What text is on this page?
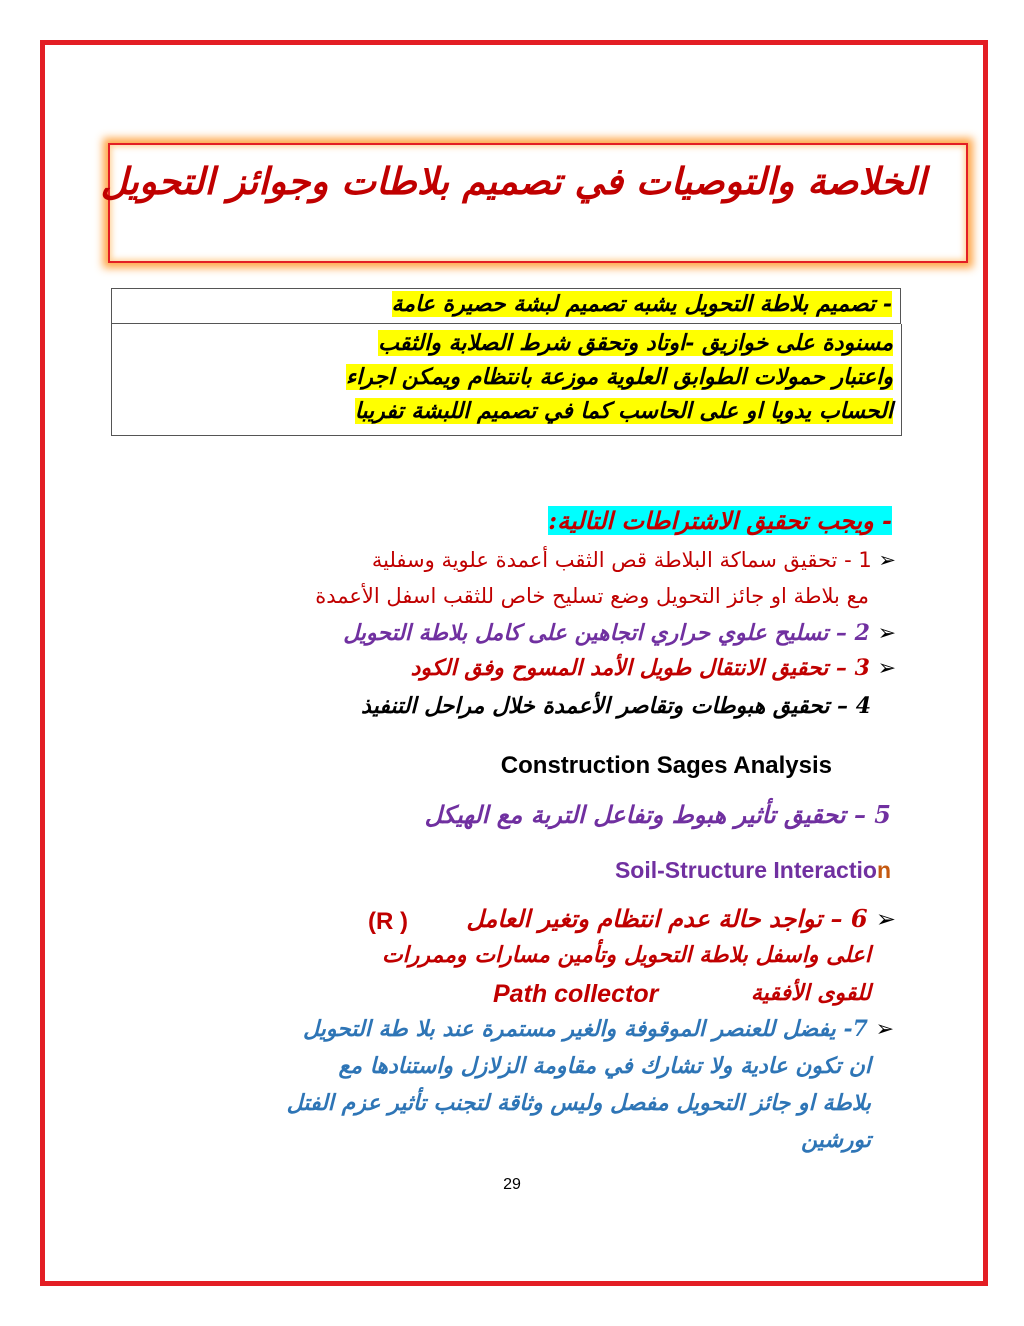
الخلاصة والتوصيات في تصميم بلاطات وجوائز التحويل
- تصميم بلاطة التحويل يشبه تصميم لبشة حصيرة عامة
مسنودة على خوازيق -اوتاد وتحقق شرط الصلابة والثقب
واعتبار حمولات الطوابق العلوية موزعة بانتظام ويمكن اجراء
الحساب يدويا او على الحاسب كما في تصميم اللبشة تفريبا
- ويجب تحقيق الاشتراطات التالية:
➢ 1 - تحقيق سماكة البلاطة قص الثقب أعمدة علوية وسفلية
مع بلاطة او جائز التحويل وضع تسليح خاص للثقب اسفل الأعمدة
➢ 2 – تسليح علوي حراري اتجاهين على كامل بلاطة التحويل
➢ 3 – تحقيق الانتقال طويل الأمد المسوح وفق الكود
4 – تحقيق هبوطات وتقاصر الأعمدة خلال مراحل التنفيذ
Construction Sages Analysis
5 – تحقيق تأثير هبوط وتفاعل التربة مع الهيكل
Soil-Structure Interaction
➢ 6 – تواجد حالة عدم انتظام وتغير العامل
(R )
اعلى واسفل بلاطة التحويل وتأمين مسارات وممررات
للقوى الأفقية
Path collector
➢ 7- يفضل للعنصر الموقوفة والغير مستمرة عند بلا طة التحويل
ان تكون عادية ولا تشارك في مقاومة الزلازل واستنادها مع
بلاطة او جائز التحويل مفصل وليس وثاقة لتجنب تأثير عزم الفتل
تورشين
29
